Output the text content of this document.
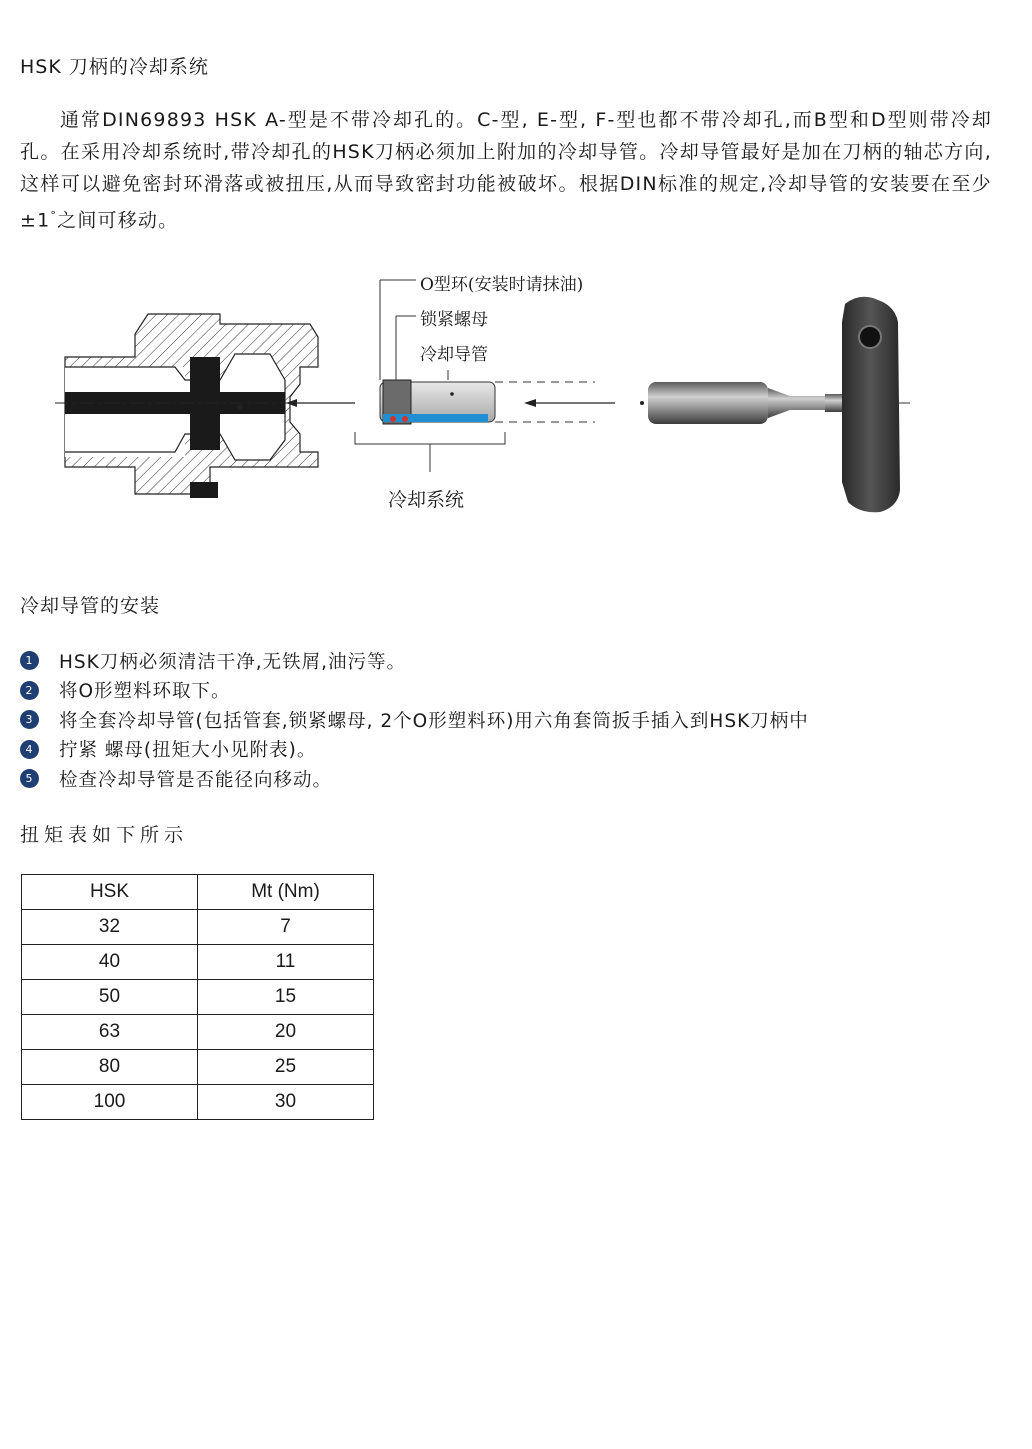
HSK 刀柄的冷却系统

通常DIN69893 HSK A-型是不带冷却孔的。C-型, E-型, F-型也都不带冷却孔,而B型和D型则带冷却孔。在采用冷却系统时,带冷却孔的HSK刀柄必须加上附加的冷却导管。冷却导管最好是加在刀柄的轴芯方向,这样可以避免密封环滑落或被扭压,从而导致密封功能被破坏。根据DIN标准的规定,冷却导管的安装要在至少±1°之间可移动。

O型环(安装时请抹油)
锁紧螺母
冷却导管
冷却系统
冷却导管的安装
1 HSK刀柄必须清洁干净,无铁屑,油污等。
2 将O形塑料环取下。
3 将全套冷却导管(包括管套,锁紧螺母, 2个O形塑料环)用六角套筒扳手插入到HSK刀柄中
4 拧紧 螺母(扭矩大小见附表)。
5 检查冷却导管是否能径向移动。
扭矩表如下所示
HSK	Mt (Nm)
32	7
40	11
50	15
63	20
80	25
100	30
